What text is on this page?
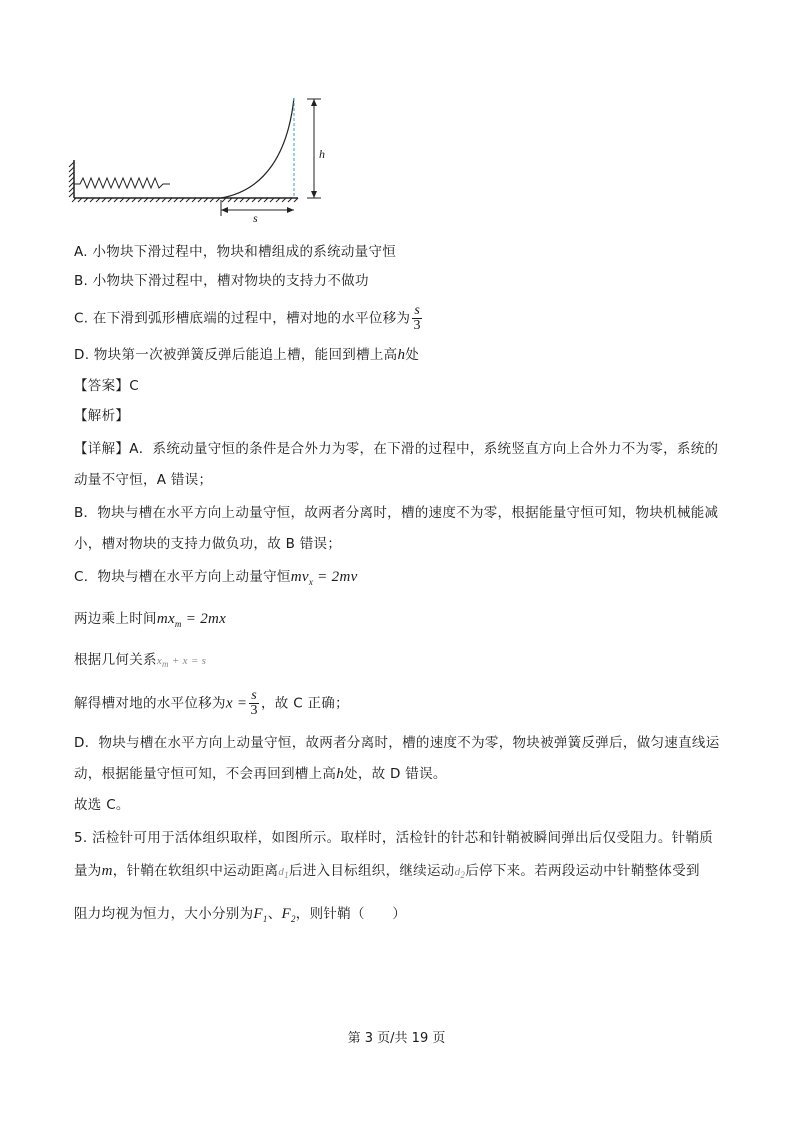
h
s
A. 小物块下滑过程中，物块和槽组成的系统动量守恒
B. 小物块下滑过程中，槽对物块的支持力不做功
C. 在下滑到弧形槽底端的过程中，槽对地的水平位移为 $\frac{s}{3}$
D. 物块第一次被弹簧反弹后能追上槽，能回到槽上高h处
【答案】C
【解析】
【详解】A．系统动量守恒的条件是合外力为零，在下滑的过程中，系统竖直方向上合外力不为零，系统的
动量不守恒，A 错误；
B．物块与槽在水平方向上动量守恒，故两者分离时，槽的速度不为零，根据能量守恒可知，物块机械能减
小，槽对物块的支持力做负功，故 B 错误；
C．物块与槽在水平方向上动量守恒$mv_x = 2mv$
两边乘上时间$mx_m = 2mx$
根据几何关系$x_m + x = s$
解得槽对地的水平位移为$x = \frac{s}{3}$ ，故 C 正确；
D．物块与槽在水平方向上动量守恒，故两者分离时，槽的速度不为零，物块被弹簧反弹后，做匀速直线运
动，根据能量守恒可知，不会再回到槽上高h处，故 D 错误。
故选 C。
5. 活检针可用于活体组织取样，如图所示。取样时，活检针的针芯和针鞘被瞬间弹出后仅受阻力。针鞘质
量为m，针鞘在软组织中运动距离$d_1$后进入目标组织，继续运动$d_2$后停下来。若两段运动中针鞘整体受到
阻力均视为恒力，大小分别为$F_1$、$F_2$，则针鞘（　　）
第 3 页/共 19 页
